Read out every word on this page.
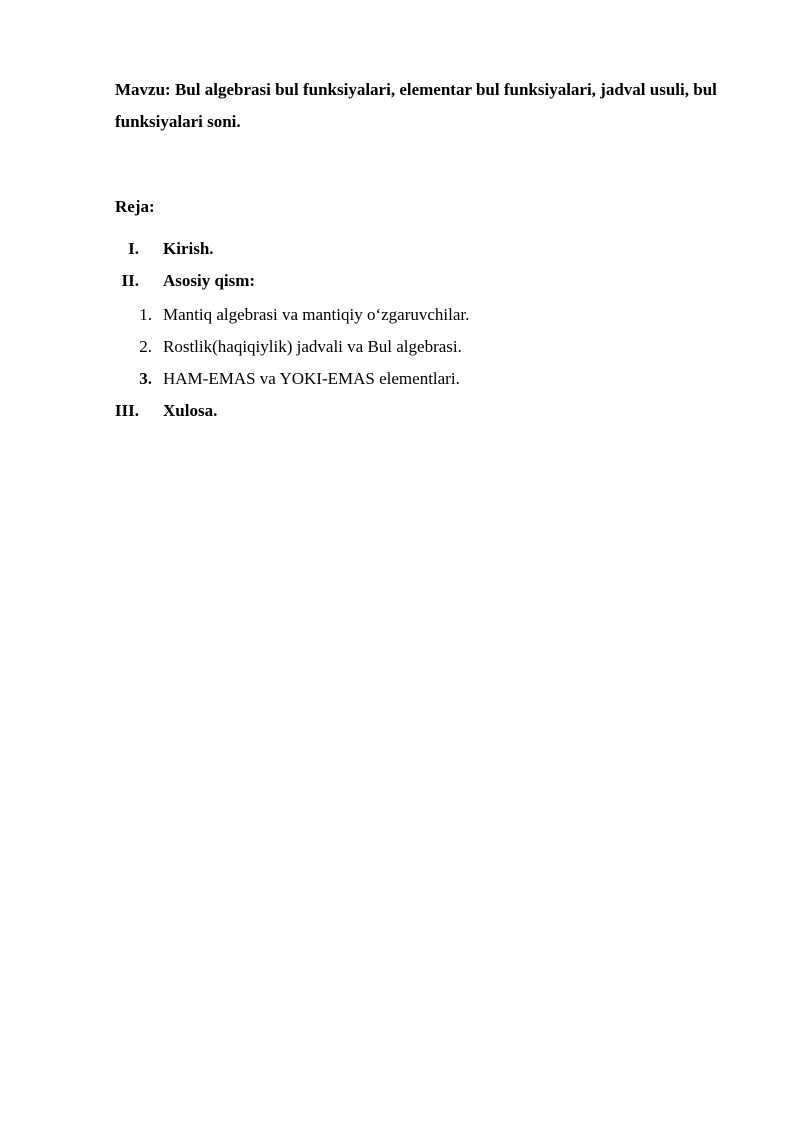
Mavzu: Bul algebrasi bul funksiyalari, elementar bul funksiyalari, jadval usuli, bul funksiyalari soni.

Reja:

I. Kirish.
II. Asosiy qism:
1. Mantiq algebrasi va mantiqiy o‘zgaruvchilar.
2. Rostlik(haqiqiylik) jadvali va Bul algebrasi.
3. HAM-EMAS va YOKI-EMAS elementlari.
III. Xulosa.
